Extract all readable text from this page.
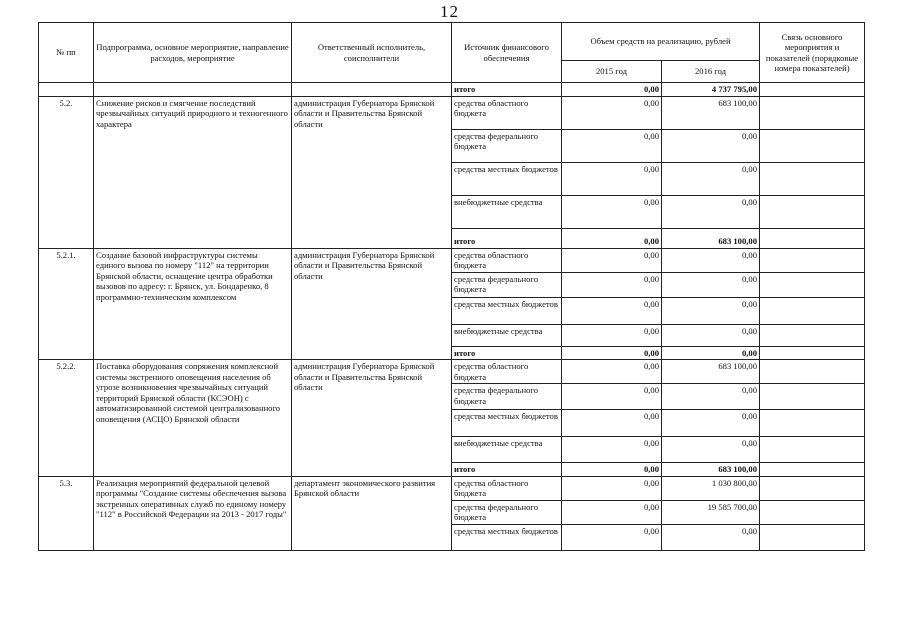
12
№ пп	Подпрограмма, основное мероприятие, направление расходов, мероприятие	Ответственный исполнитель, соисполнители	Источник финансового обеспечения	Объем средств на реализацию, рублей		Связь основного мероприятия и показателей (порядковые номера показателей)
				2015 год	2016 год	
			итого	0,00	4 737 795,00	
5.2.	Снижение рисков и смягчение последствий чрезвычайных ситуаций природного и техногенного характера	администрация Губернатора Брянской области и Правительства Брянской области	средства областного бюджета	0,00	683 100,00	
			средства федерального бюджета	0,00	0,00	
			средства местных бюджетов	0,00	0,00	
			внебюджетные средства	0,00	0,00	
			итого	0,00	683 100,00	
5.2.1.	Создание базовой инфраструктуры системы единого вызова по номеру "112" на территории Брянской области, оснащение центра обработки вызовов по адресу: г. Брянск, ул. Бондаренко, 8 программно-техническим комплексом	администрация Губернатора Брянской области и Правительства Брянской области	средства областного бюджета	0,00	0,00	
			средства федерального бюджета	0,00	0,00	
			средства местных бюджетов	0,00	0,00	
			внебюджетные средства	0,00	0,00	
			итого	0,00	0,00	
5.2.2.	Поставка оборудования сопряжения комплексной системы экстренного оповещения населения об угрозе возникновения чрезвычайных ситуаций территорий Брянской области (КСЭОН) с автоматизированной системой централизованного оповещения (АСЦО) Брянской области	администрация Губернатора Брянской области и Правительства Брянской области	средства областного бюджета	0,00	683 100,00	
			средства федерального бюджета	0,00	0,00	
			средства местных бюджетов	0,00	0,00	
			внебюджетные средства	0,00	0,00	
			итого	0,00	683 100,00	
5.3.	Реализация мероприятий федеральной целевой программы "Создание системы обеспечения вызова экстренных оперативных служб по единому номеру "112" в Российской Федерации на 2013 - 2017 годы"	департамент экономического развития Брянской области	средства областного бюджета	0,00	1 030 800,00	
			средства федерального бюджета	0,00	19 585 700,00	
			средства местных бюджетов	0,00	0,00	
